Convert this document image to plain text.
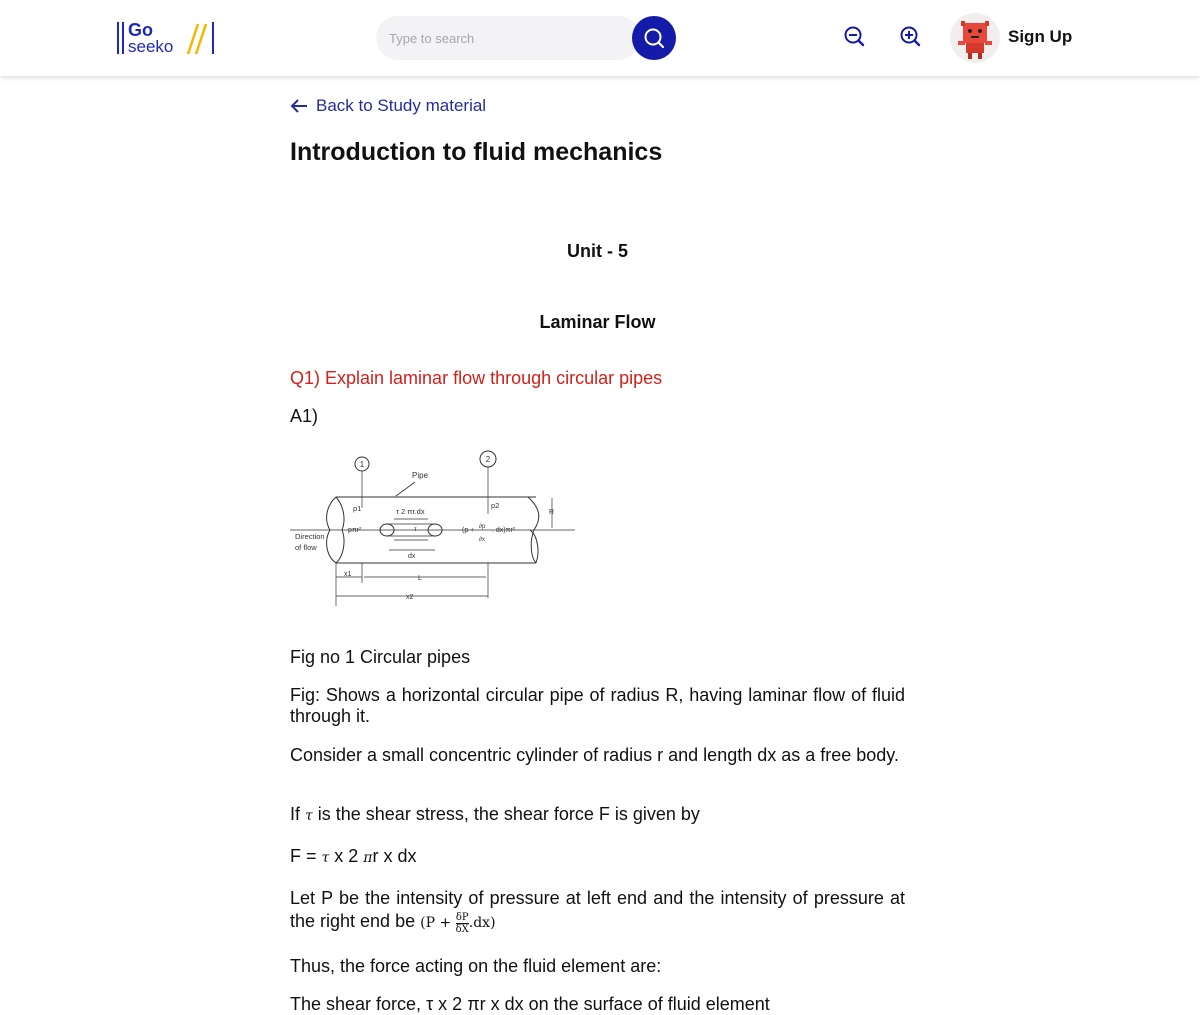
Go
seeko
Type to search
Sign Up
Back to Study material
Introduction to fluid mechanics
Unit - 5
Laminar Flow

Q1) Explain laminar flow through circular pipes

A1)

1
2
Pipe
p1	p2
τ 2 πr.dx
τ
pπr²	(p + ∂p
∂x
. dx)πr²
R
Direction
of flow
dx
x1
L
x2

Fig no 1 Circular pipes

Fig: Shows a horizontal circular pipe of radius R, having laminar flow of fluid through it.

Consider a small concentric cylinder of radius r and length dx as a free body.

If τ is the shear stress, the shear force F is given by

F = τ x 2 πr x dx

Let P be the intensity of pressure at left end and the intensity of pressure at the right end be $(P + \frac{\delta P}{\delta X} .dx)$

Thus, the force acting on the fluid element are:

The shear force, τ x 2 πr x dx on the surface of fluid element
